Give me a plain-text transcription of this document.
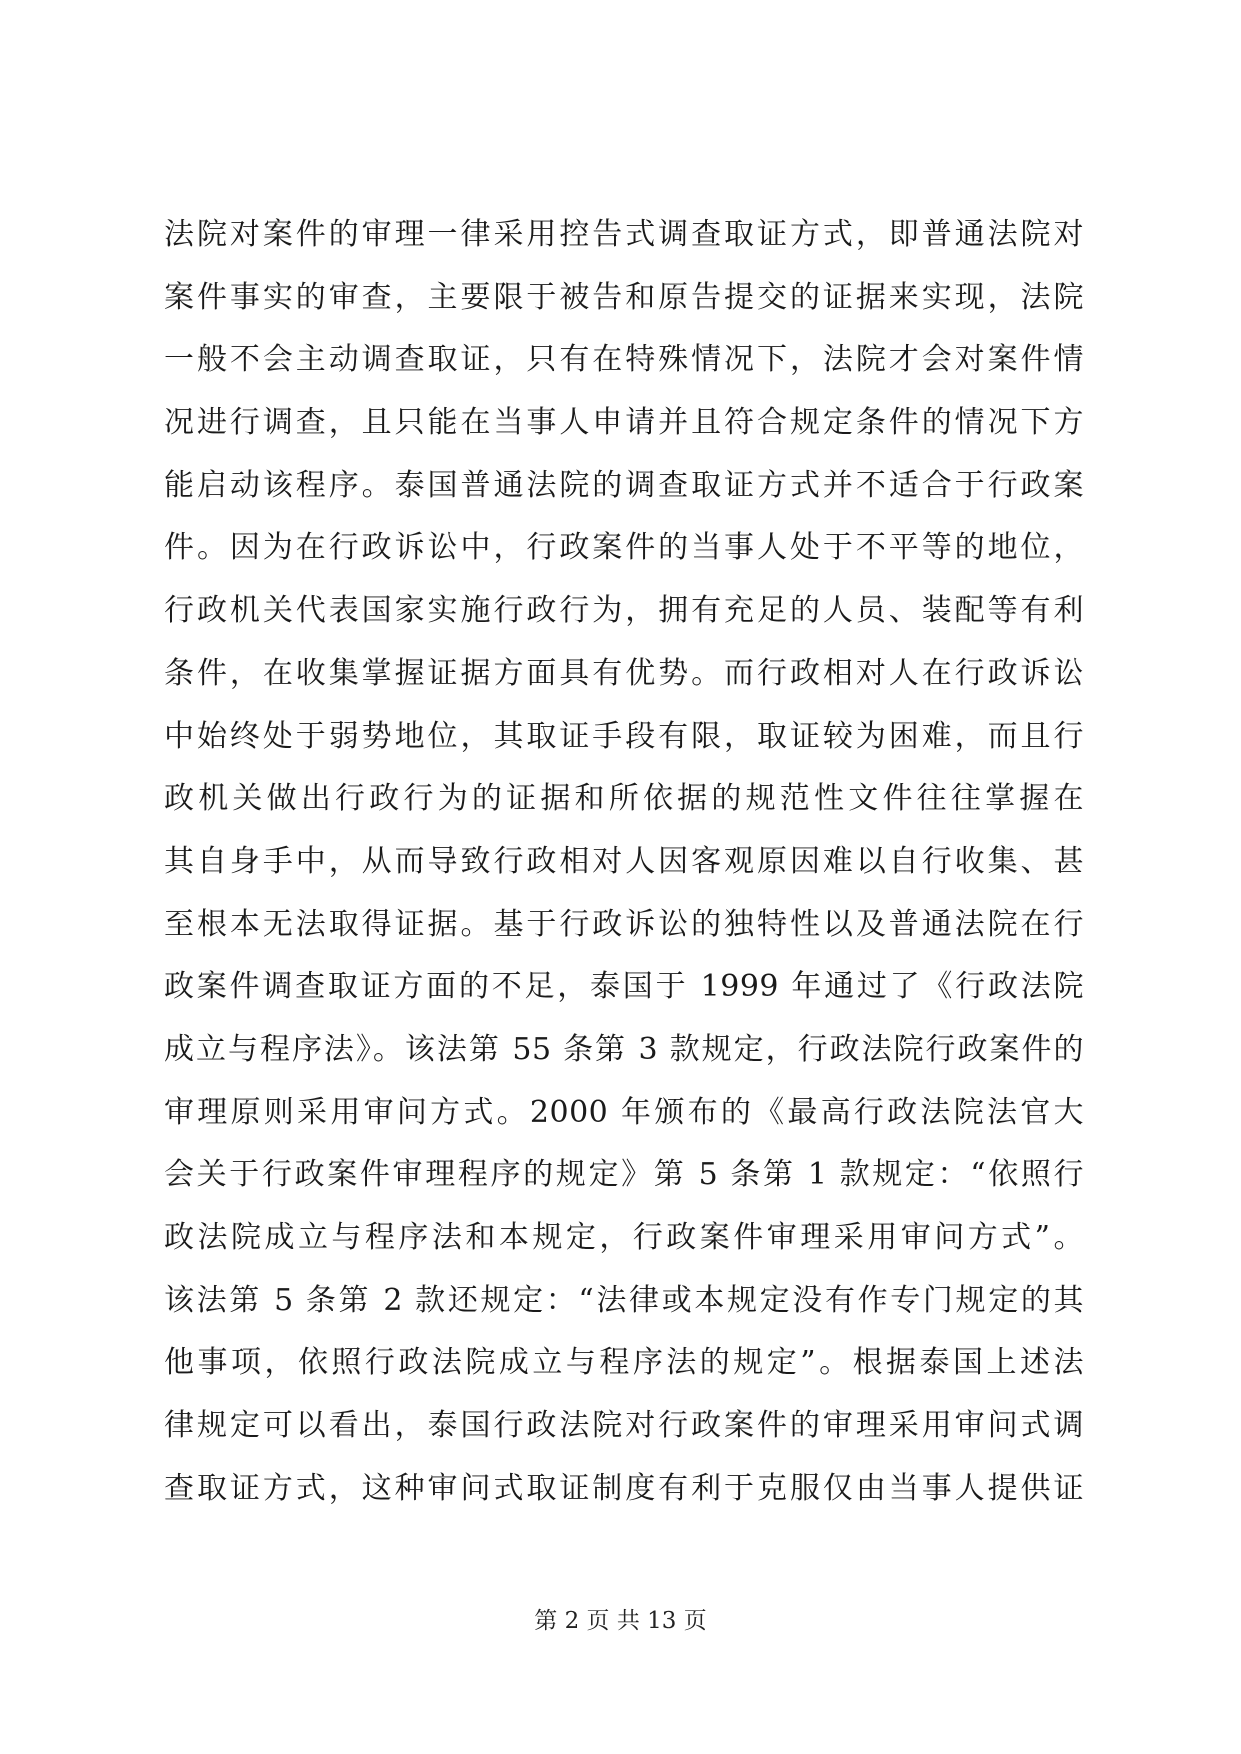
法院对案件的审理一律采用控告式调查取证方式，即普通法院对
案件事实的审查，主要限于被告和原告提交的证据来实现，法院
一般不会主动调查取证，只有在特殊情况下，法院才会对案件情
况进行调查，且只能在当事人申请并且符合规定条件的情况下方
能启动该程序。泰国普通法院的调查取证方式并不适合于行政案
件。因为在行政诉讼中，行政案件的当事人处于不平等的地位，
行政机关代表国家实施行政行为，拥有充足的人员、装配等有利
条件，在收集掌握证据方面具有优势。而行政相对人在行政诉讼
中始终处于弱势地位，其取证手段有限，取证较为困难，而且行
政机关做出行政行为的证据和所依据的规范性文件往往掌握在
其自身手中，从而导致行政相对人因客观原因难以自行收集、甚
至根本无法取得证据。基于行政诉讼的独特性以及普通法院在行
政案件调查取证方面的不足，泰国于 1999 年通过了《行政法院
成立与程序法》。该法第 55 条第 3 款规定，行政法院行政案件的
审理原则采用审问方式。2000 年颁布的《最高行政法院法官大
会关于行政案件审理程序的规定》第 5 条第 1 款规定：“依照行
政法院成立与程序法和本规定，行政案件审理采用审问方式”。
该法第 5 条第 2 款还规定：“法律或本规定没有作专门规定的其
他事项，依照行政法院成立与程序法的规定”。根据泰国上述法
律规定可以看出，泰国行政法院对行政案件的审理采用审问式调
查取证方式，这种审问式取证制度有利于克服仅由当事人提供证
第 2 页 共 13 页
